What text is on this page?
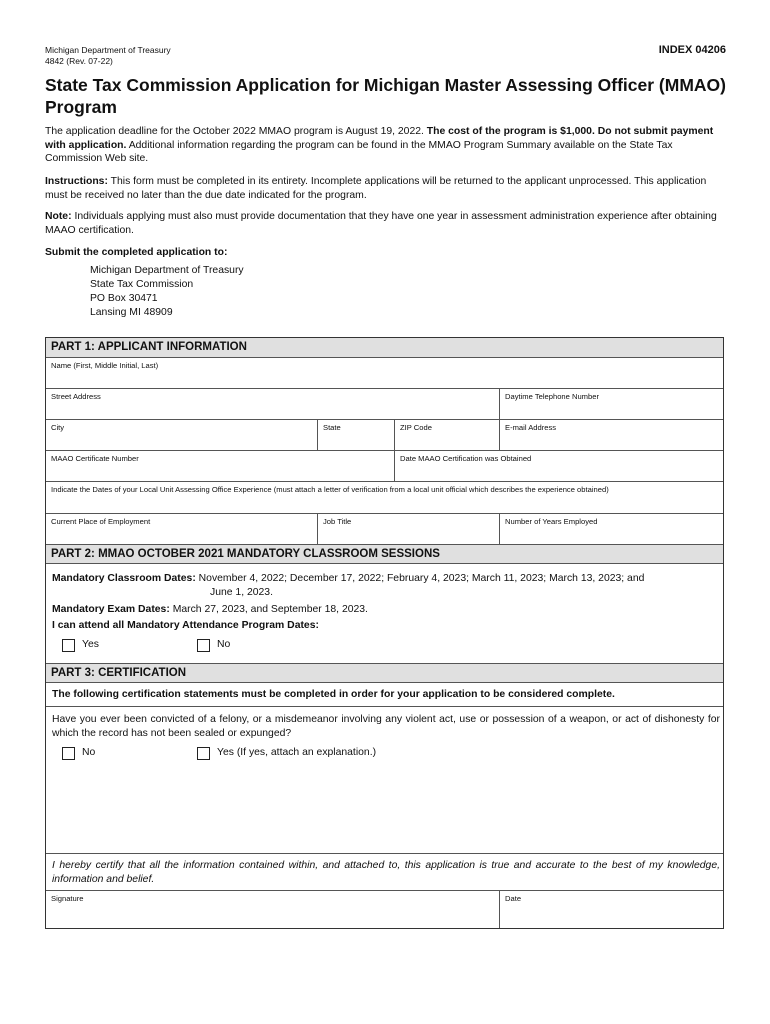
Michigan Department of Treasury
4842 (Rev. 07-22)
INDEX 04206
State Tax Commission Application for Michigan Master Assessing Officer (MMAO) Program
The application deadline for the October 2022 MMAO program is August 19, 2022. The cost of the program is $1,000. Do not submit payment with application. Additional information regarding the program can be found in the MMAO Program Summary available on the State Tax Commission Web site.
Instructions: This form must be completed in its entirety. Incomplete applications will be returned to the applicant unprocessed. This application must be received no later than the due date indicated for the program.
Note: Individuals applying must also must provide documentation that they have one year in assessment administration experience after obtaining MAAO certification.
Submit the completed application to:
Michigan Department of Treasury
State Tax Commission
PO Box 30471
Lansing MI 48909
PART 1: APPLICANT INFORMATION
Name (First, Middle Initial, Last)
Street Address	Daytime Telephone Number
City	State	ZIP Code	E-mail Address
MAAO Certificate Number	Date MAAO Certification was Obtained
Indicate the Dates of your Local Unit Assessing Office Experience (must attach a letter of verification from a local unit official which describes the experience obtained)
Current Place of Employment	Job Title	Number of Years Employed
PART 2: MMAO OCTOBER 2021 MANDATORY CLASSROOM SESSIONS
Mandatory Classroom Dates: November 4, 2022; December 17, 2022; February 4, 2023; March 11, 2023; March 13, 2023; and
June 1, 2023.
Mandatory Exam Dates: March 27, 2023, and September 18, 2023.
I can attend all Mandatory Attendance Program Dates:
Yes	No
PART 3: CERTIFICATION
The following certification statements must be completed in order for your application to be considered complete.
Have you ever been convicted of a felony, or a misdemeanor involving any violent act, use or possession of a weapon, or act of dishonesty for which the record has not been sealed or expunged?
No	Yes (If yes, attach an explanation.)
I hereby certify that all the information contained within, and attached to, this application is true and accurate to the best of my knowledge, information and belief.
Signature	Date
